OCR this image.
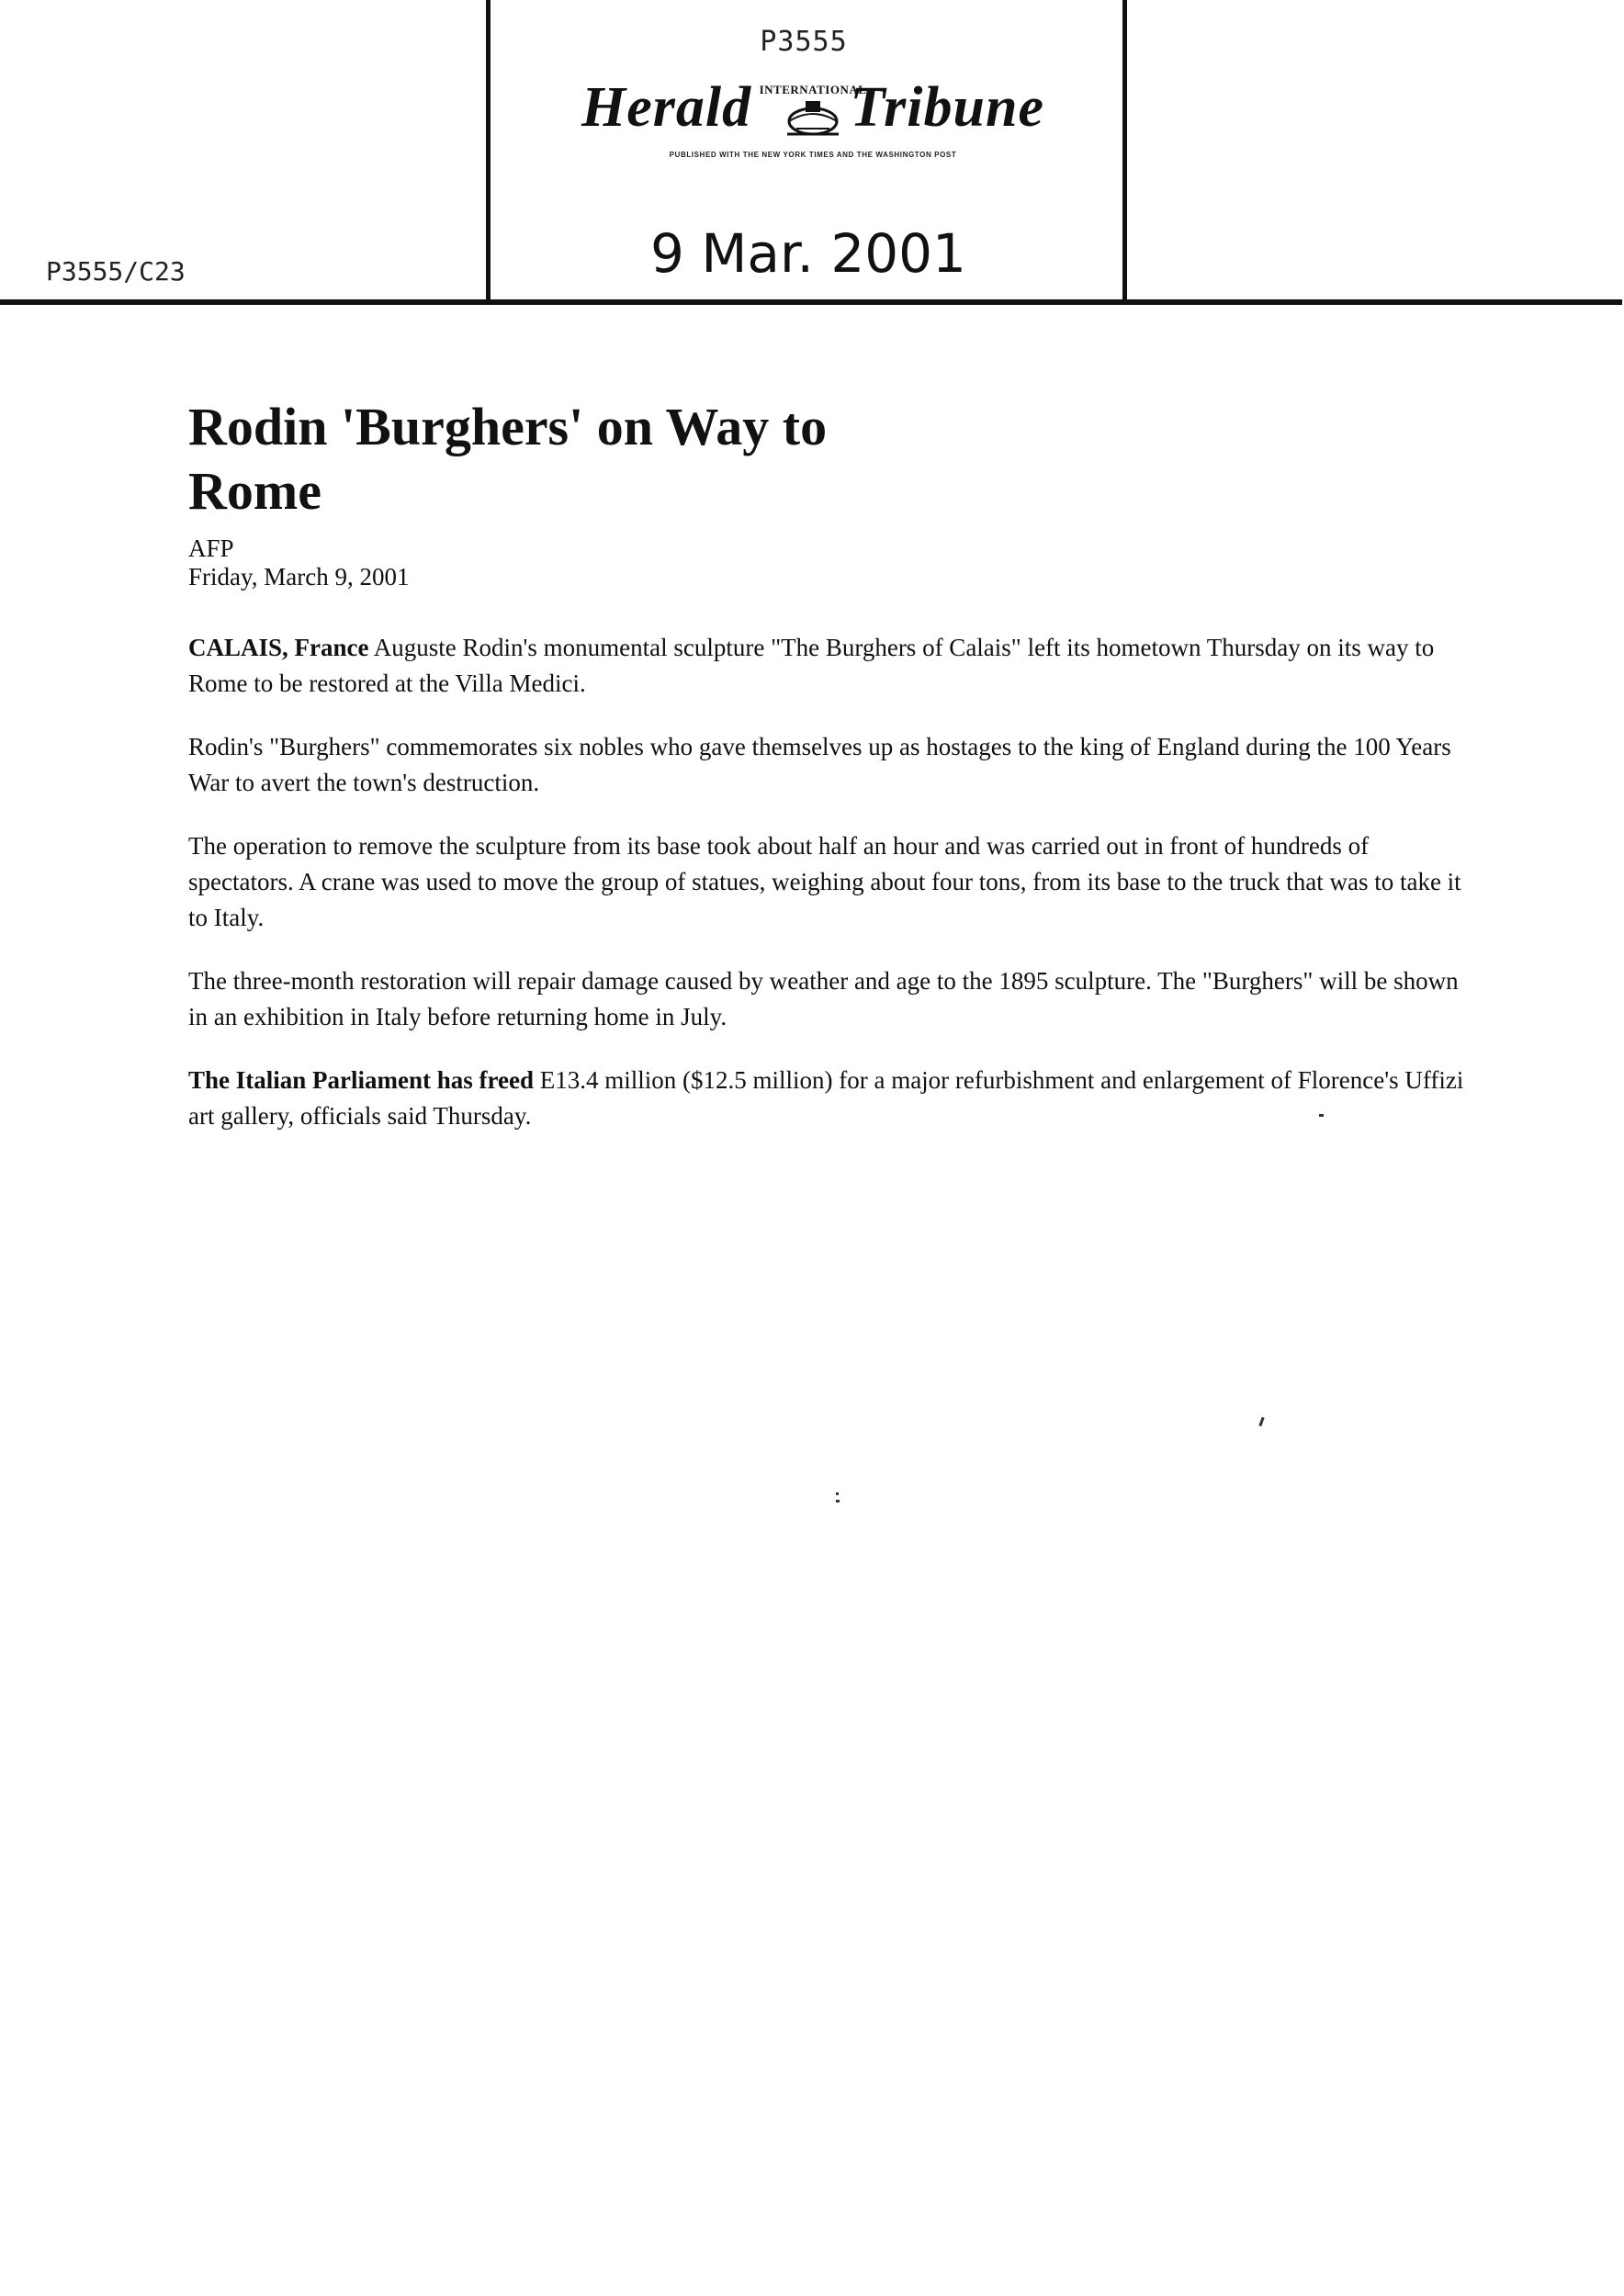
P3555
P3555/C23
Herald INTERNATIONAL
Tribune
PUBLISHED WITH THE NEW YORK TIMES AND THE WASHINGTON POST
9 Mar. 2001
Rodin 'Burghers' on Way to Rome
AFP
Friday, March 9, 2001

CALAIS, France Auguste Rodin's monumental sculpture "The Burghers of Calais" left its hometown Thursday on its way to Rome to be restored at the Villa Medici.

Rodin's "Burghers" commemorates six nobles who gave themselves up as hostages to the king of England during the 100 Years War to avert the town's destruction.

The operation to remove the sculpture from its base took about half an hour and was carried out in front of hundreds of spectators. A crane was used to move the group of statues, weighing about four tons, from its base to the truck that was to take it to Italy.

The three-month restoration will repair damage caused by weather and age to the 1895 sculpture. The "Burghers" will be shown in an exhibition in Italy before returning home in July.

The Italian Parliament has freed E13.4 million ($12.5 million) for a major refurbishment and enlargement of Florence's Uffizi art gallery, officials said Thursday.
